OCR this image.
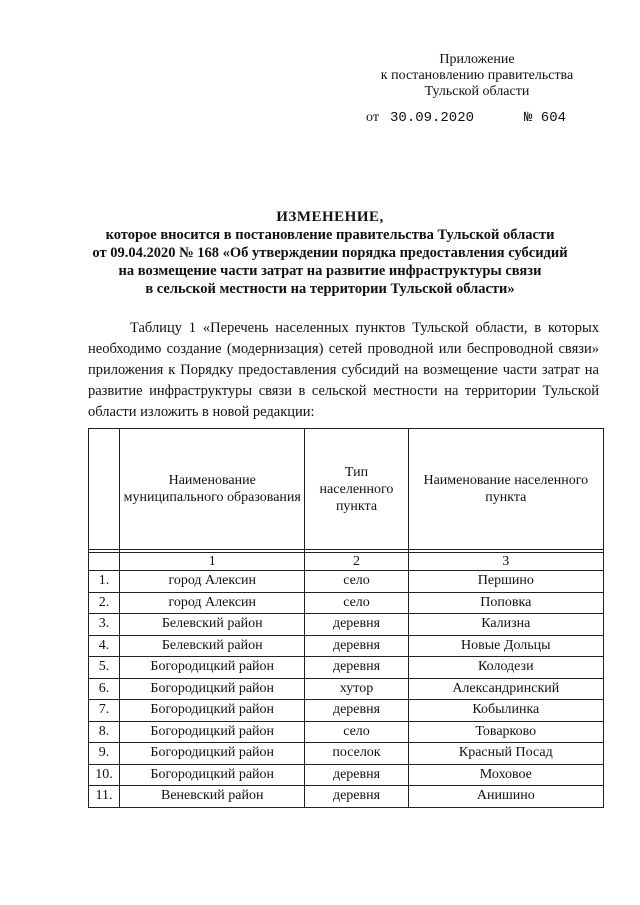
Приложение
к постановлению правительства
Тульской области
от 30.09.2020	№ 604
ИЗМЕНЕНИЕ,
которое вносится в постановление правительства Тульской области
от 09.04.2020 № 168 «Об утверждении порядка предоставления субсидий
на возмещение части затрат на развитие инфраструктуры связи
в сельской местности на территории Тульской области»
Таблицу 1 «Перечень населенных пунктов Тульской области, в которых необходимо создание (модернизация) сетей проводной или беспроводной связи» приложения к Порядку предоставления субсидий на возмещение части затрат на развитие инфраструктуры связи в сельской местности на территории Тульской области изложить в новой редакции:
	Наименование муниципального образования	Тип населенного пункта	Наименование населенного пункта

	1	2	3
1.	город Алексин	село	Першино
2.	город Алексин	село	Поповка
3.	Белевский район	деревня	Кализна
4.	Белевский район	деревня	Новые Дольцы
5.	Богородицкий район	деревня	Колодези
6.	Богородицкий район	хутор	Александринский
7.	Богородицкий район	деревня	Кобылинка
8.	Богородицкий район	село	Товарково
9.	Богородицкий район	поселок	Красный Посад
10.	Богородицкий район	деревня	Моховое
11.	Веневский район	деревня	Анишино
